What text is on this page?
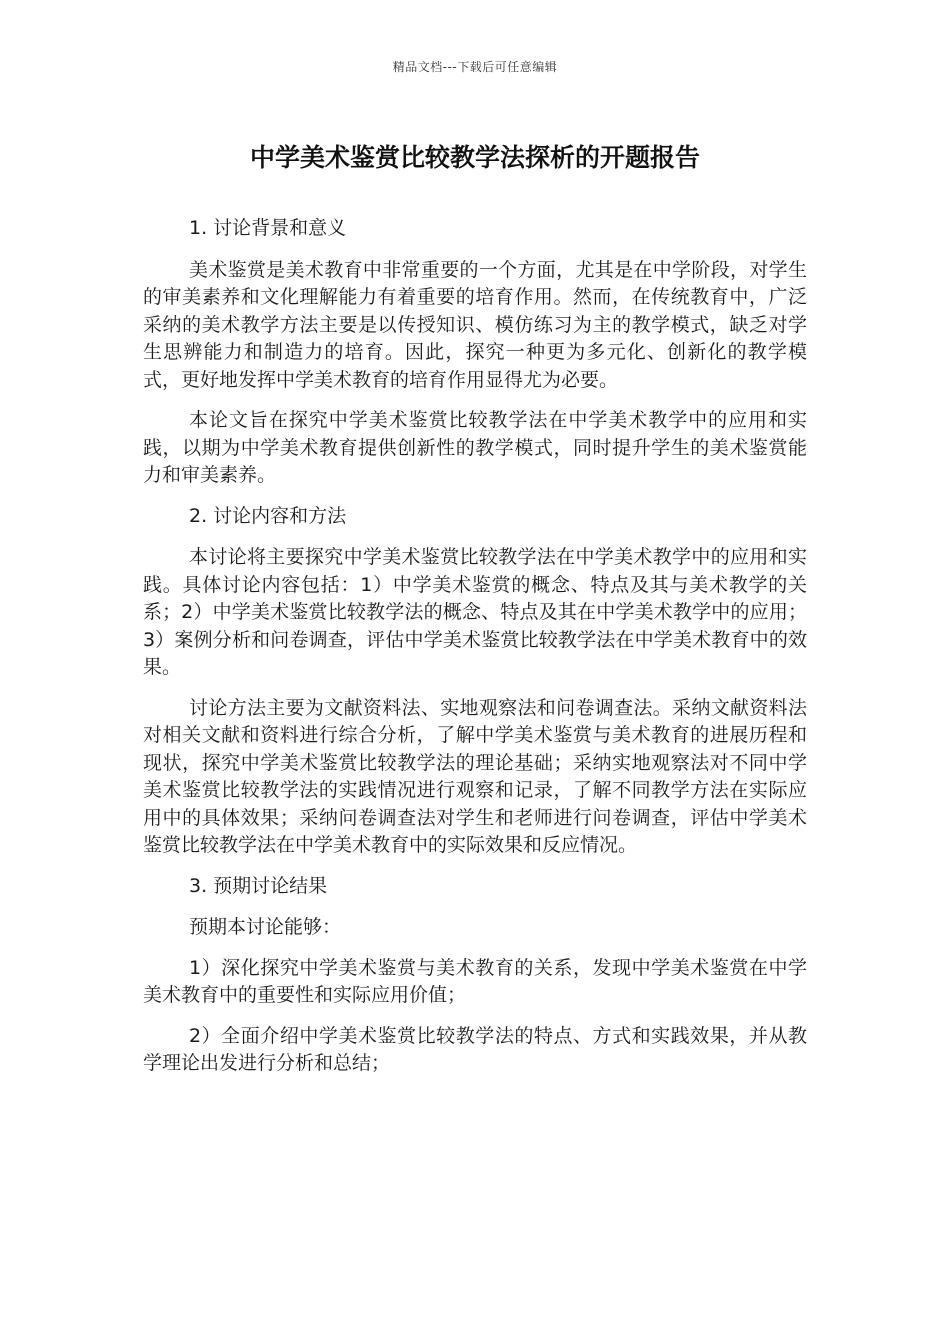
精品文档---下载后可任意编辑
中学美术鉴赏比较教学法探析的开题报告

1. 讨论背景和意义

美术鉴赏是美术教育中非常重要的一个方面，尤其是在中学阶段，对学生的审美素养和文化理解能力有着重要的培育作用。然而，在传统教育中，广泛采纳的美术教学方法主要是以传授知识、模仿练习为主的教学模式，缺乏对学生思辨能力和制造力的培育。因此，探究一种更为多元化、创新化的教学模式，更好地发挥中学美术教育的培育作用显得尤为必要。

本论文旨在探究中学美术鉴赏比较教学法在中学美术教学中的应用和实践，以期为中学美术教育提供创新性的教学模式，同时提升学生的美术鉴赏能力和审美素养。

2. 讨论内容和方法

本讨论将主要探究中学美术鉴赏比较教学法在中学美术教学中的应用和实践。具体讨论内容包括：1）中学美术鉴赏的概念、特点及其与美术教学的关系；2）中学美术鉴赏比较教学法的概念、特点及其在中学美术教学中的应用；3）案例分析和问卷调查，评估中学美术鉴赏比较教学法在中学美术教育中的效果。

讨论方法主要为文献资料法、实地观察法和问卷调查法。采纳文献资料法对相关文献和资料进行综合分析，了解中学美术鉴赏与美术教育的进展历程和现状，探究中学美术鉴赏比较教学法的理论基础；采纳实地观察法对不同中学美术鉴赏比较教学法的实践情况进行观察和记录，了解不同教学方法在实际应用中的具体效果；采纳问卷调查法对学生和老师进行问卷调查，评估中学美术鉴赏比较教学法在中学美术教育中的实际效果和反应情况。

3. 预期讨论结果

预期本讨论能够：

1）深化探究中学美术鉴赏与美术教育的关系，发现中学美术鉴赏在中学美术教育中的重要性和实际应用价值；

2）全面介绍中学美术鉴赏比较教学法的特点、方式和实践效果，并从教学理论出发进行分析和总结；
